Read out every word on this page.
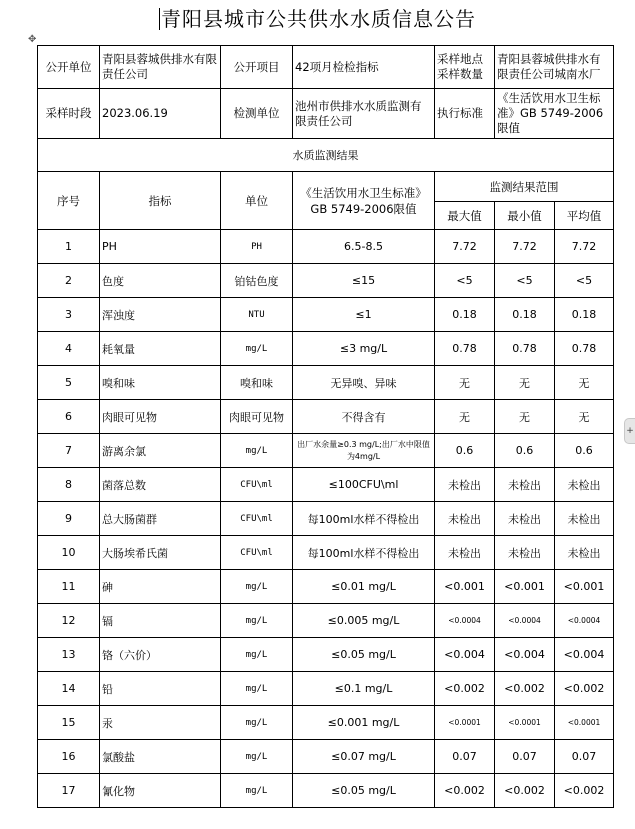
青阳县城市公共供水水质信息公告
✥
+
公开单位	青阳县蓉城供排水有限责任公司	公开项目	42项月检检指标	采样地点采样数量	青阳县蓉城供排水有限责任公司城南水厂
采样时段	2023.06.19	检测单位	池州市供排水水质监测有限责任公司	执行标准	《生活饮用水卫生标准》GB 5749-2006限值
水质监测结果						
序号	指标	单位	《生活饮用水卫生标准》GB 5749-2006限值	监测结果范围		
				最大值	最小值	平均值
1	PH	PH	6.5-8.5	7.72	7.72	7.72
2	色度	铂钴色度	≤15	<5	<5	<5
3	浑浊度	NTU	≤1	0.18	0.18	0.18
4	耗氧量	mg/L	≤3 mg/L	0.78	0.78	0.78
5	嗅和味	嗅和味	无异嗅、异味	无	无	无
6	肉眼可见物	肉眼可见物	不得含有	无	无	无
7	游离余氯	mg/L	出厂水余量≥0.3 mg/L;出厂水中限值为4mg/L	0.6	0.6	0.6
8	菌落总数	CFU\ml	≤100CFU\ml	未检出	未检出	未检出
9	总大肠菌群	CFU\ml	每100ml水样不得检出	未检出	未检出	未检出
10	大肠埃希氏菌	CFU\ml	每100ml水样不得检出	未检出	未检出	未检出
11	砷	mg/L	≤0.01 mg/L	<0.001	<0.001	<0.001
12	镉	mg/L	≤0.005 mg/L	<0.0004	<0.0004	<0.0004
13	铬（六价）	mg/L	≤0.05 mg/L	<0.004	<0.004	<0.004
14	铅	mg/L	≤0.1 mg/L	<0.002	<0.002	<0.002
15	汞	mg/L	≤0.001 mg/L	<0.0001	<0.0001	<0.0001
16	氯酸盐	mg/L	≤0.07 mg/L	0.07	0.07	0.07
17	氰化物	mg/L	≤0.05 mg/L	<0.002	<0.002	<0.002
